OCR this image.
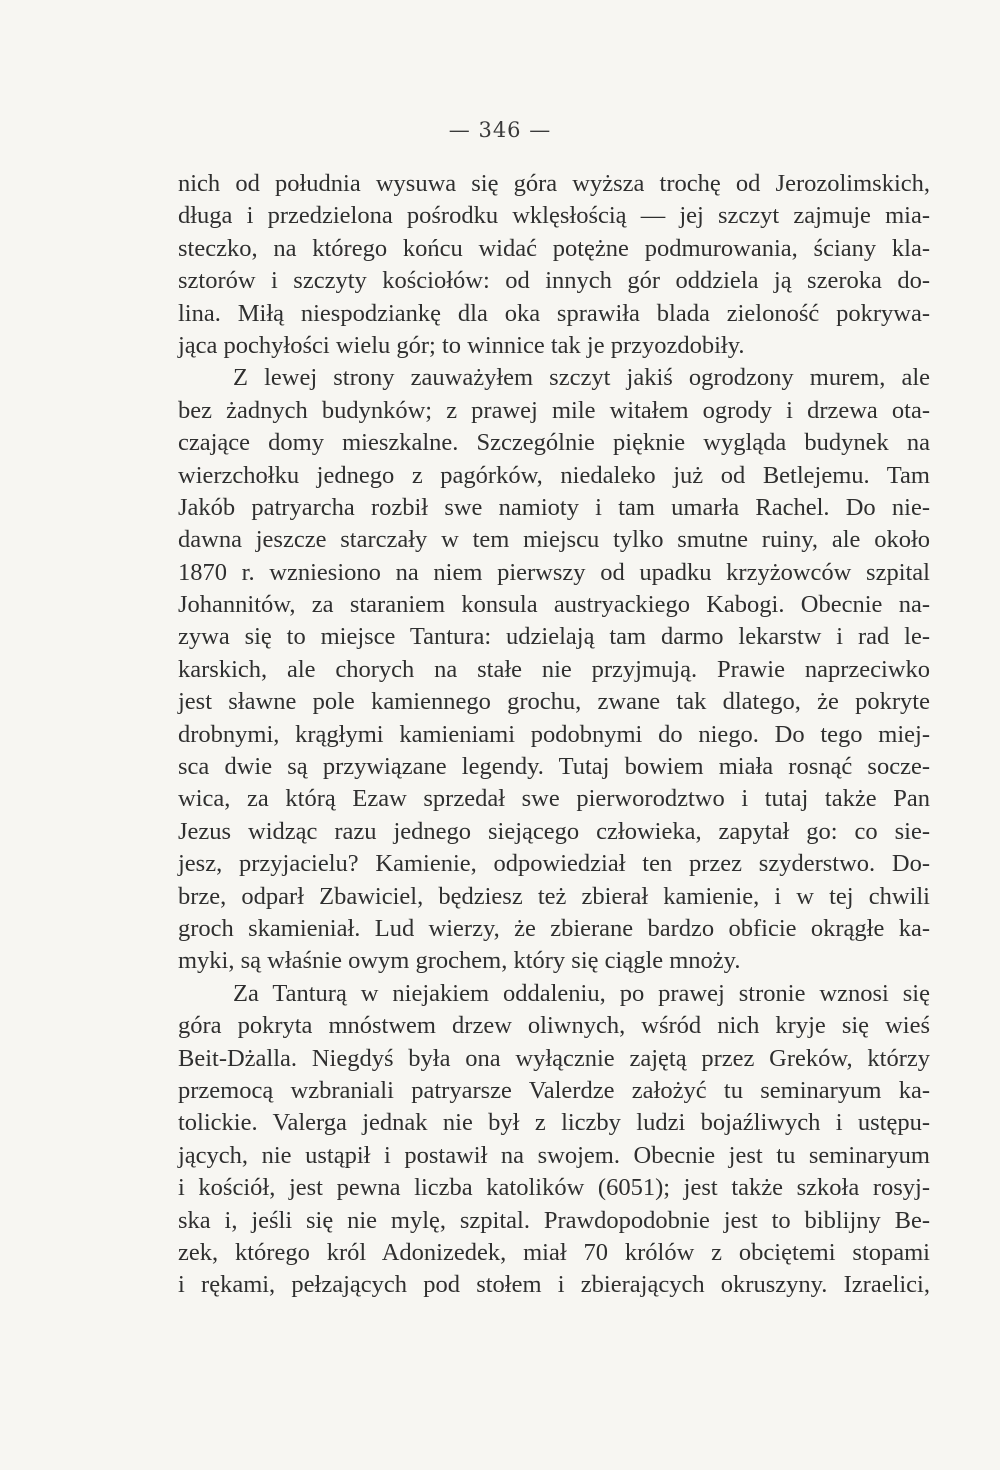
— 346 —
nich od południa wysuwa się góra wyższa trochę od Jerozolimskich,
długa i przedzielona pośrodku wklęsłością — jej szczyt zajmuje mia-
steczko, na którego końcu widać potężne podmurowania, ściany kla-
sztorów i szczyty kościołów: od innych gór oddziela ją szeroka do-
lina. Miłą niespodziankę dla oka sprawiła blada zieloność pokrywa-
jąca pochyłości wielu gór; to winnice tak je przyozdobiły.
Z lewej strony zauważyłem szczyt jakiś ogrodzony murem, ale
bez żadnych budynków; z prawej mile witałem ogrody i drzewa ota-
czające domy mieszkalne. Szczególnie pięknie wygląda budynek na
wierzchołku jednego z pagórków, niedaleko już od Betlejemu. Tam
Jakób patryarcha rozbił swe namioty i tam umarła Rachel. Do nie-
dawna jeszcze starczały w tem miejscu tylko smutne ruiny, ale około
1870 r. wzniesiono na niem pierwszy od upadku krzyżowców szpital
Johannitów, za staraniem konsula austryackiego Kabogi. Obecnie na-
zywa się to miejsce Tantura: udzielają tam darmo lekarstw i rad le-
karskich, ale chorych na stałe nie przyjmują. Prawie naprzeciwko
jest sławne pole kamiennego grochu, zwane tak dlatego, że pokryte
drobnymi, krągłymi kamieniami podobnymi do niego. Do tego miej-
sca dwie są przywiązane legendy. Tutaj bowiem miała rosnąć socze-
wica, za którą Ezaw sprzedał swe pierworodztwo i tutaj także Pan
Jezus widząc razu jednego siejącego człowieka, zapytał go: co sie-
jesz, przyjacielu? Kamienie, odpowiedział ten przez szyderstwo. Do-
brze, odparł Zbawiciel, będziesz też zbierał kamienie, i w tej chwili
groch skamieniał. Lud wierzy, że zbierane bardzo obficie okrągłe ka-
myki, są właśnie owym grochem, który się ciągle mnoży.
Za Tanturą w niejakiem oddaleniu, po prawej stronie wznosi się
góra pokryta mnóstwem drzew oliwnych, wśród nich kryje się wieś
Beit-Dżalla. Niegdyś była ona wyłącznie zajętą przez Greków, którzy
przemocą wzbraniali patryarsze Valerdze założyć tu seminaryum ka-
tolickie. Valerga jednak nie był z liczby ludzi bojaźliwych i ustępu-
jących, nie ustąpił i postawił na swojem. Obecnie jest tu seminaryum
i kościół, jest pewna liczba katolików (6051); jest także szkoła rosyj-
ska i, jeśli się nie mylę, szpital. Prawdopodobnie jest to biblijny Be-
zek, którego król Adonizedek, miał 70 królów z obciętemi stopami
i rękami, pełzających pod stołem i zbierających okruszyny. Izraelici,
